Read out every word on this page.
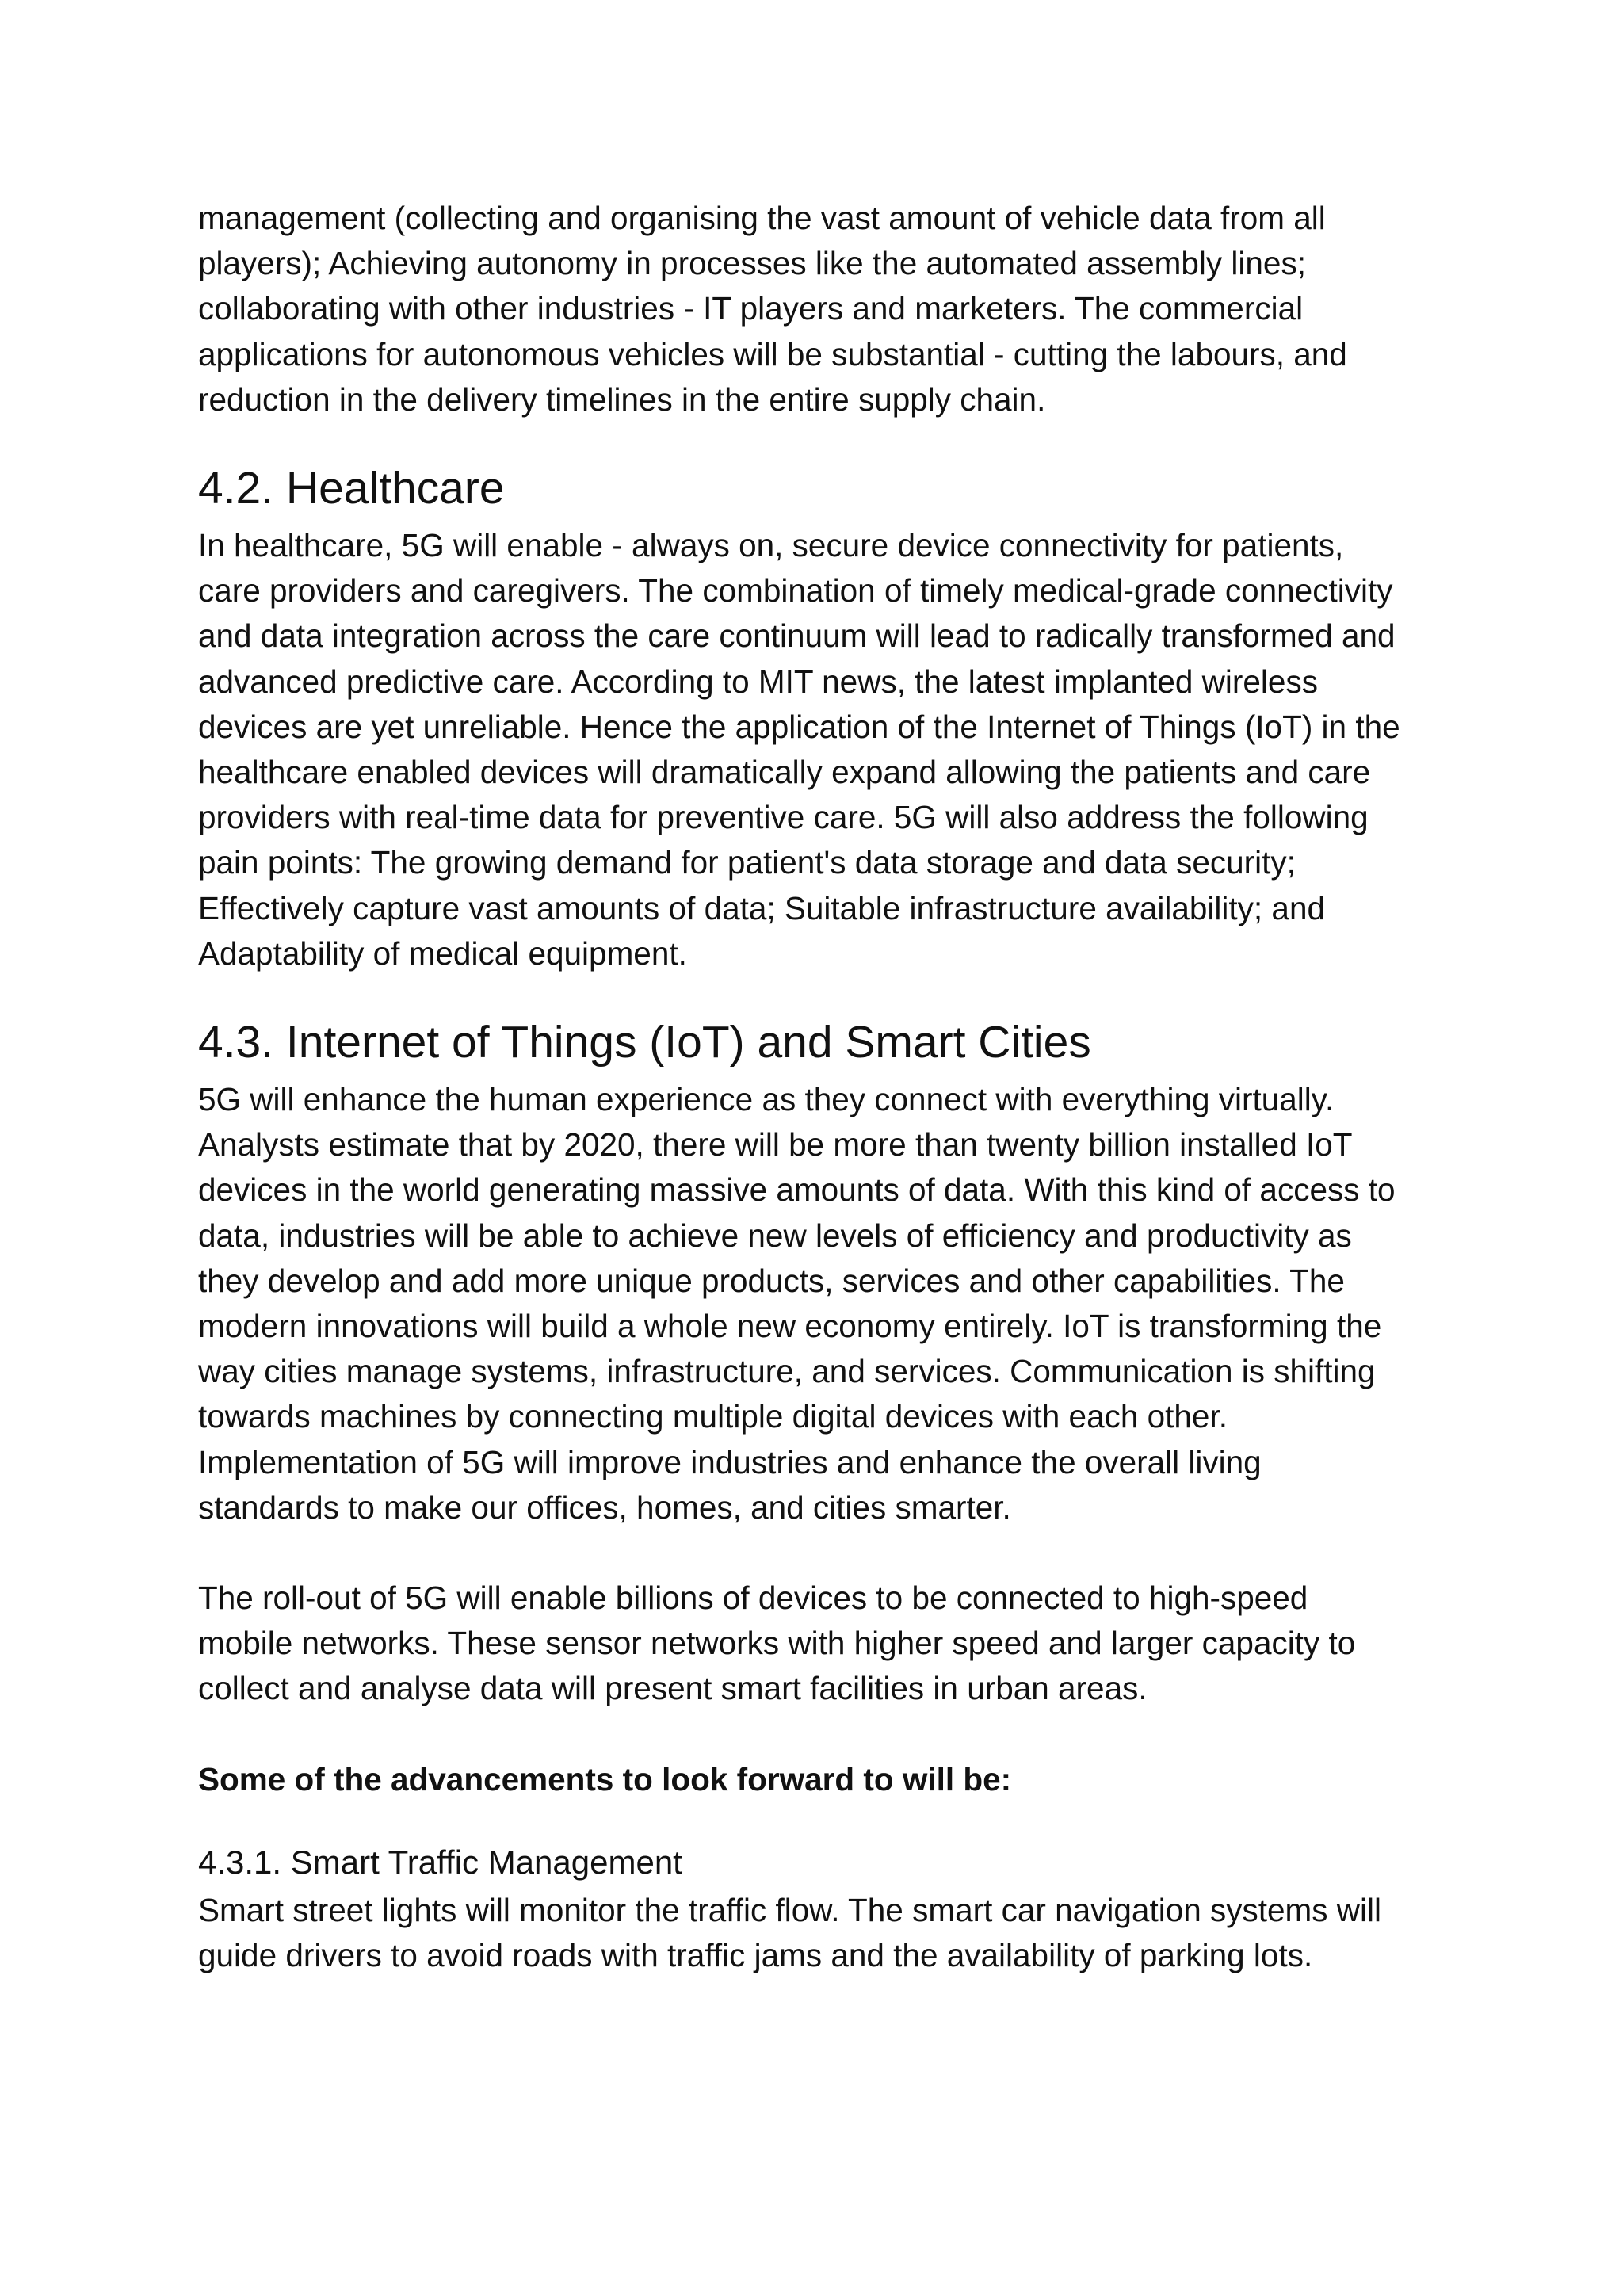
management (collecting and organising the vast amount of vehicle data from all
players); Achieving autonomy in processes like the automated assembly lines;
collaborating with other industries - IT players and marketers. The commercial
applications for autonomous vehicles will be substantial - cutting the labours, and
reduction in the delivery timelines in the entire supply chain.

4.2. Healthcare

In healthcare, 5G will enable - always on, secure device connectivity for patients,
care providers and caregivers. The combination of timely medical-grade connectivity
and data integration across the care continuum will lead to radically transformed and
advanced predictive care. According to MIT news, the latest implanted wireless
devices are yet unreliable. Hence the application of the Internet of Things (IoT) in the
healthcare enabled devices will dramatically expand allowing the patients and care
providers with real-time data for preventive care. 5G will also address the following
pain points: The growing demand for patient's data storage and data security;
Effectively capture vast amounts of data; Suitable infrastructure availability; and
Adaptability of medical equipment.

4.3. Internet of Things (IoT) and Smart Cities

5G will enhance the human experience as they connect with everything virtually.
Analysts estimate that by 2020, there will be more than twenty billion installed IoT
devices in the world generating massive amounts of data. With this kind of access to
data, industries will be able to achieve new levels of efficiency and productivity as
they develop and add more unique products, services and other capabilities. The
modern innovations will build a whole new economy entirely. IoT is transforming the
way cities manage systems, infrastructure, and services. Communication is shifting
towards machines by connecting multiple digital devices with each other.
Implementation of 5G will improve industries and enhance the overall living
standards to make our offices, homes, and cities smarter.

The roll-out of 5G will enable billions of devices to be connected to high-speed
mobile networks. These sensor networks with higher speed and larger capacity to
collect and analyse data will present smart facilities in urban areas.

Some of the advancements to look forward to will be:

4.3.1. Smart Traffic Management

Smart street lights will monitor the traffic flow. The smart car navigation systems will
guide drivers to avoid roads with traffic jams and the availability of parking lots.
